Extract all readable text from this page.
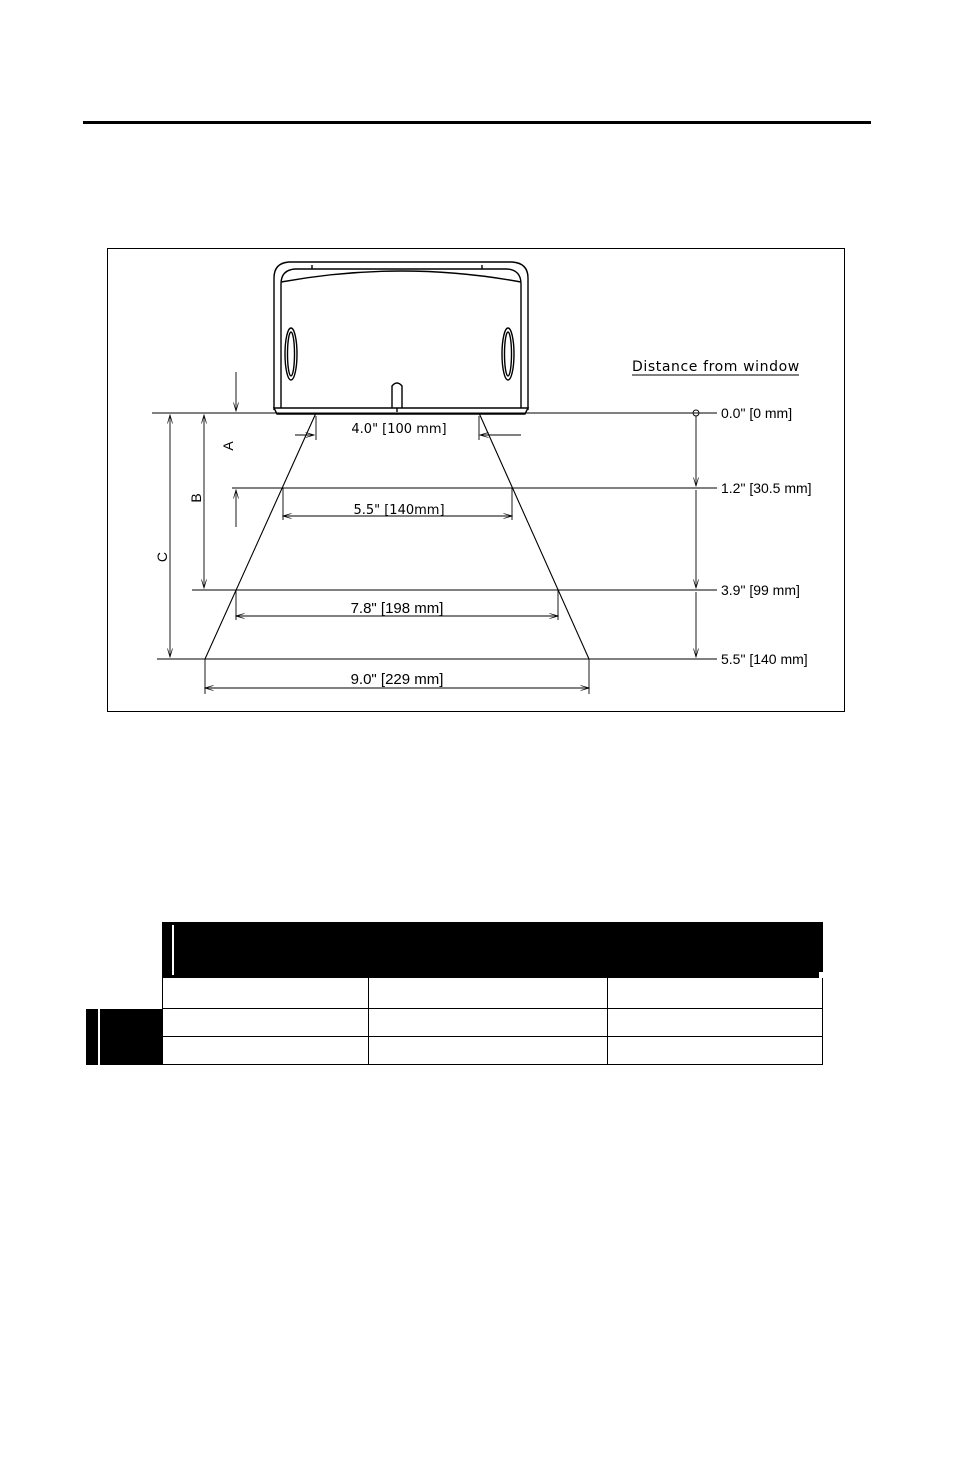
Distance from window
0.0" [0 mm]
1.2" [30.5 mm]
3.9" [99 mm]
5.5" [140 mm]
4.0" [100 mm]
5.5" [140mm]
7.8" [198 mm]
9.0" [229 mm]
A
B
C
